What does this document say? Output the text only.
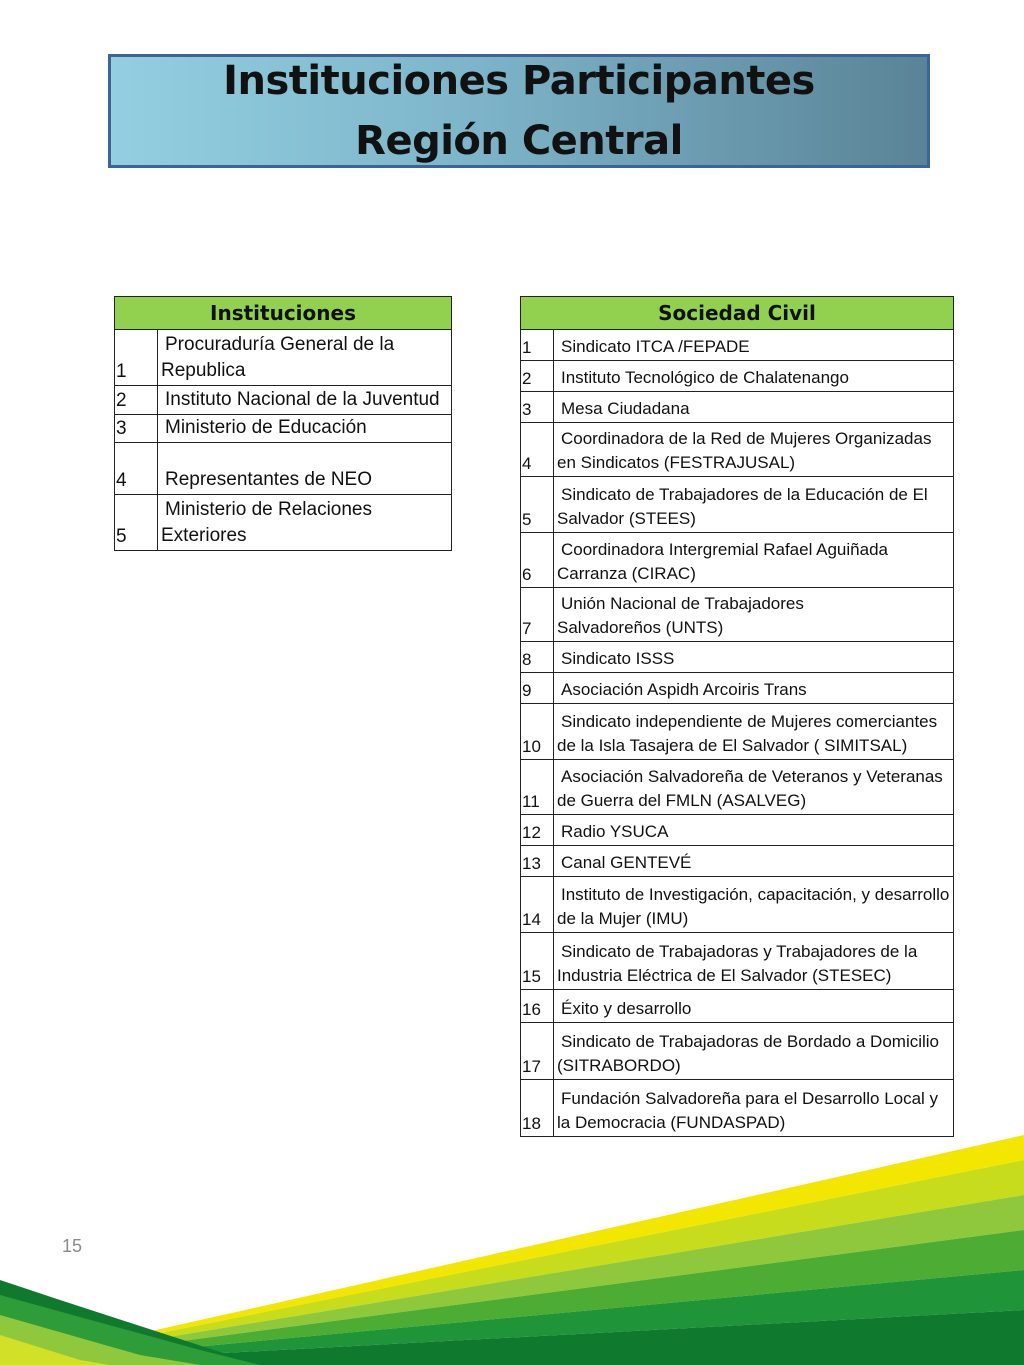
Instituciones Participantes
Región Central
Instituciones	
1	Procuraduría General de la
Republica

2	Instituto Nacional de la Juventud

3	Ministerio de Educación

4	Representantes de NEO

5	Ministerio de Relaciones
Exteriores
Sociedad Civil	
1	Sindicato ITCA /FEPADE

2	Instituto Tecnológico de Chalatenango

3	Mesa Ciudadana

4	Coordinadora de la Red de Mujeres Organizadas
en Sindicatos (FESTRAJUSAL)

5	Sindicato de Trabajadores de la Educación de El
Salvador (STEES)

6	Coordinadora Intergremial Rafael Aguiñada
Carranza (CIRAC)

7	Unión Nacional de Trabajadores
Salvadoreños (UNTS)

8	Sindicato ISSS

9	Asociación Aspidh Arcoiris Trans

10	Sindicato independiente de Mujeres comerciantes
de la Isla Tasajera de El Salvador ( SIMITSAL)

11	Asociación Salvadoreña de Veteranos y Veteranas
de Guerra del FMLN (ASALVEG)

12	Radio YSUCA

13	Canal GENTEVÉ

14	Instituto de Investigación, capacitación, y desarrollo
de la Mujer (IMU)

15	Sindicato de Trabajadoras y Trabajadores de la
Industria Eléctrica de El Salvador (STESEC)

16	Éxito y desarrollo

17	Sindicato de Trabajadoras de Bordado a Domicilio
(SITRABORDO)

18	Fundación Salvadoreña para el Desarrollo Local y
la Democracia (FUNDASPAD)
15
